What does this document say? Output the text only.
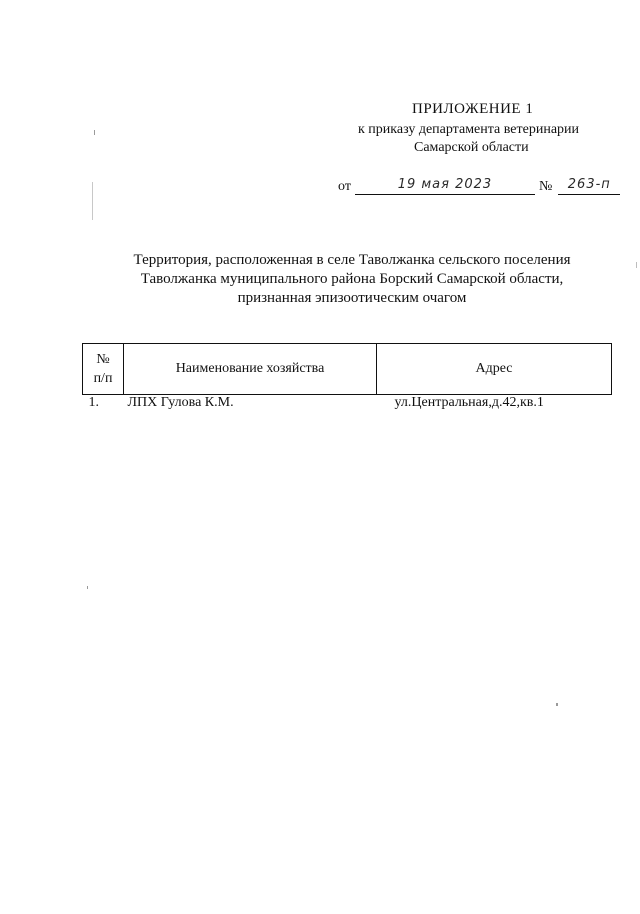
ПРИЛОЖЕНИЕ 1
к приказу департамента ветеринарии
Самарской области
от	19 мая 2023	№ 263-п
Территория, расположенная в селе Таволжанка сельского поселения
Таволжанка муниципального района Борский Самарской области,
признанная эпизоотическим очагом
№
п/п	Наименование хозяйства	Адрес
1.	ЛПХ Гулова К.М.	ул.Центральная,д.42,кв.1
